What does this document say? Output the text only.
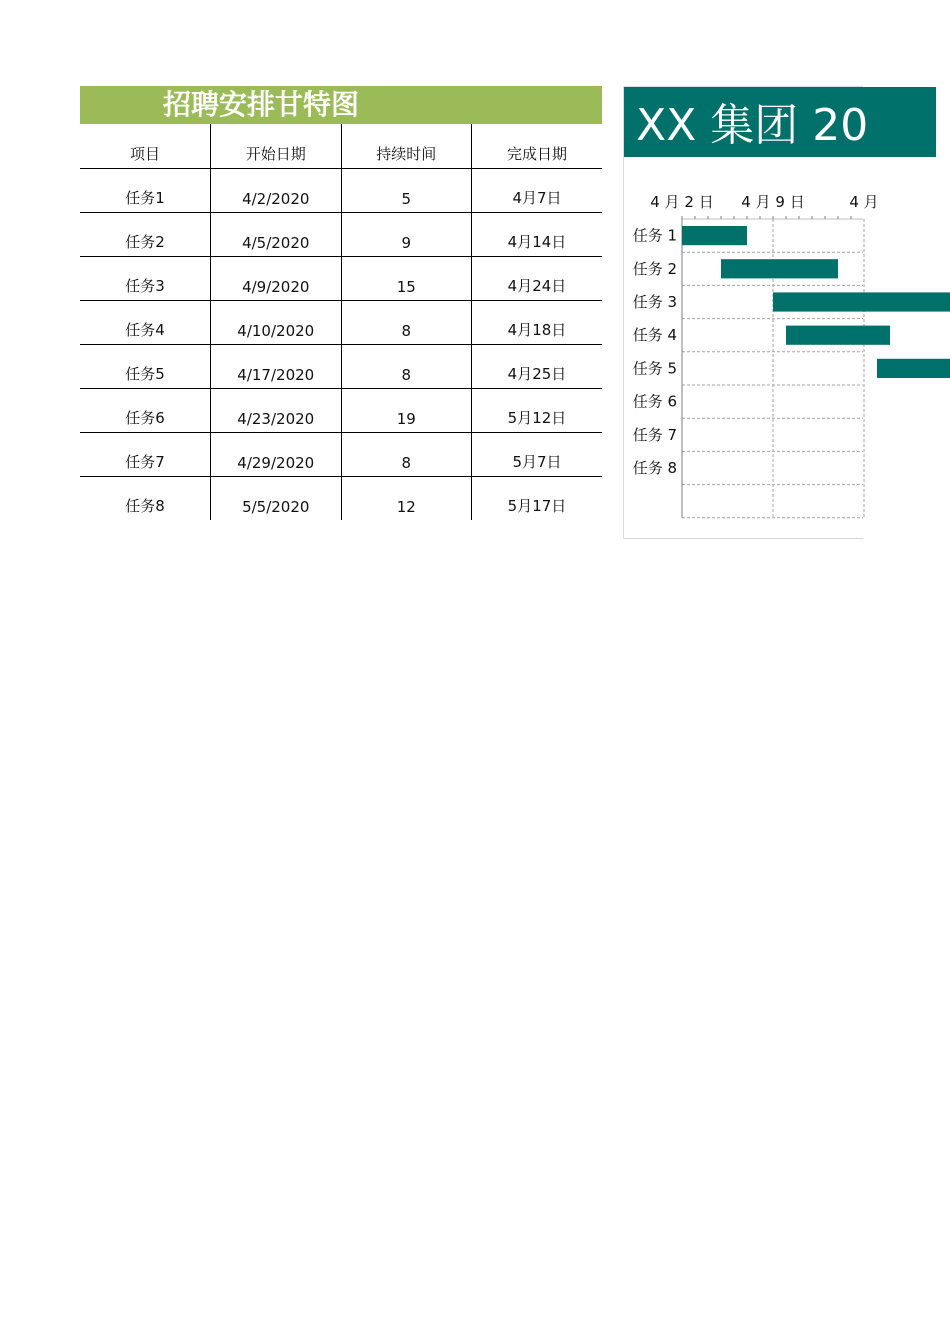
招聘安排甘特图
项目	开始日期	持续时间	完成日期
任务1	4/2/2020	5	4月7日
任务2	4/5/2020	9	4月14日
任务3	4/9/2020	15	4月24日
任务4	4/10/2020	8	4月18日
任务5	4/17/2020	8	4月25日
任务6	4/23/2020	19	5月12日
任务7	4/29/2020	8	5月7日
任务8	5/5/2020	12	5月17日
XX 集团 20
4 月 2 日 4 月 9 日	4 月
任务 1
任务 2
任务 3
任务 4
任务 5
任务 6
任务 7
任务 8
